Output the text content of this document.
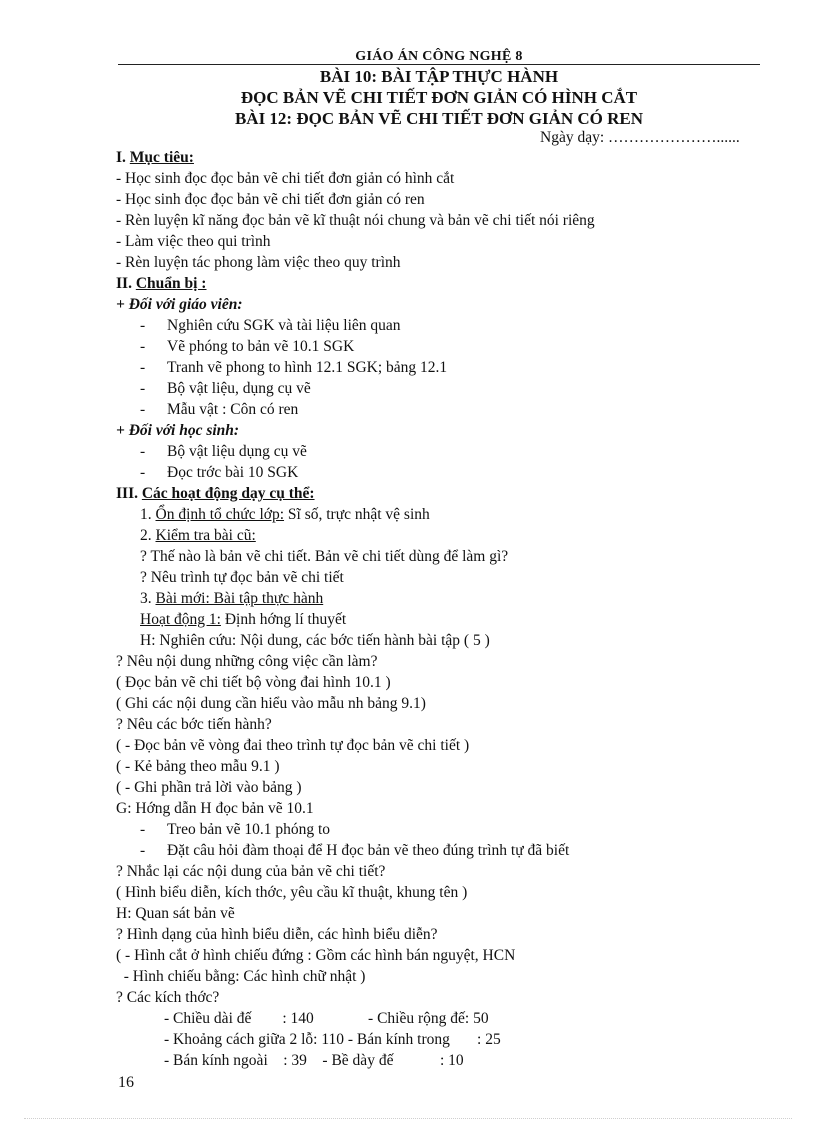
GIÁO ÁN CÔNG NGHỆ 8
BÀI 10: BÀI TẬP THỰC HÀNH
ĐỌC BẢN VẼ CHI TIẾT ĐƠN GIẢN CÓ HÌNH CẮT
BÀI 12: ĐỌC BẢN VẼ CHI TIẾT ĐƠN GIẢN CÓ REN
Ngày dạy: …………………......
I. Mục tiêu:
- Học sinh đọc đọc bản vẽ chi tiết đơn giản có hình cắt
- Học sinh đọc đọc bản vẽ chi tiết đơn giản có ren
- Rèn luyện kĩ năng đọc bản vẽ kĩ thuật nói chung và bản vẽ chi tiết nói riêng
- Làm việc theo qui trình
- Rèn luyện tác phong làm việc theo quy trình
II. Chuẩn bị :
+ Đối với giáo viên:
- Nghiên cứu SGK và tài liệu liên quan
- Vẽ phóng to bản vẽ 10.1 SGK
- Tranh vẽ phong to hình 12.1 SGK; bảng 12.1
- Bộ vật liệu, dụng cụ vẽ
- Mẫu vật : Côn có ren
+ Đối với học sinh:
- Bộ vật liệu dụng cụ vẽ
- Đọc trớc bài 10 SGK
III. Các hoạt động dạy cụ thể:
1. Ổn định tổ chức lớp: Sĩ số, trực nhật vệ sinh
2. Kiểm tra bài cũ:
? Thế nào là bản vẽ chi tiết. Bản vẽ chi tiết dùng để làm gì?
? Nêu trình tự đọc bản vẽ chi tiết
3. Bài mới: Bài tập thực hành
Hoạt động 1: Định hớng lí thuyết
H: Nghiên cứu: Nội dung, các bớc tiến hành bài tập ( 5 )
? Nêu nội dung những công việc cần làm?
( Đọc bản vẽ chi tiết bộ vòng đai hình 10.1 )
( Ghi các nội dung cần hiểu vào mẫu nh bảng 9.1)
? Nêu các bớc tiến hành?
( - Đọc bản vẽ vòng đai theo trình tự đọc bản vẽ chi tiết )
( - Kẻ bảng theo mẫu 9.1 )
( - Ghi phần trả lời vào bảng )
G: Hớng dẫn H đọc bản vẽ 10.1
- Treo bản vẽ 10.1 phóng to
- Đặt câu hỏi đàm thoại để H đọc bản vẽ theo đúng trình tự đã biết
? Nhắc lại các nội dung của bản vẽ chi tiết?
( Hình biểu diễn, kích thớc, yêu cầu kĩ thuật, khung tên )
H: Quan sát bản vẽ
? Hình dạng của hình biểu diễn, các hình biểu diễn?
( - Hình cắt ở hình chiếu đứng : Gồm các hình bán nguyệt, HCN
- Hình chiếu bằng: Các hình chữ nhật )
? Các kích thớc?
- Chiều dài đế        : 140              - Chiều rộng đế: 50
- Khoảng cách giữa 2 lỗ: 110 - Bán kính trong       : 25
- Bán kính ngoài    : 39    - Bề dày đế            : 10
16
